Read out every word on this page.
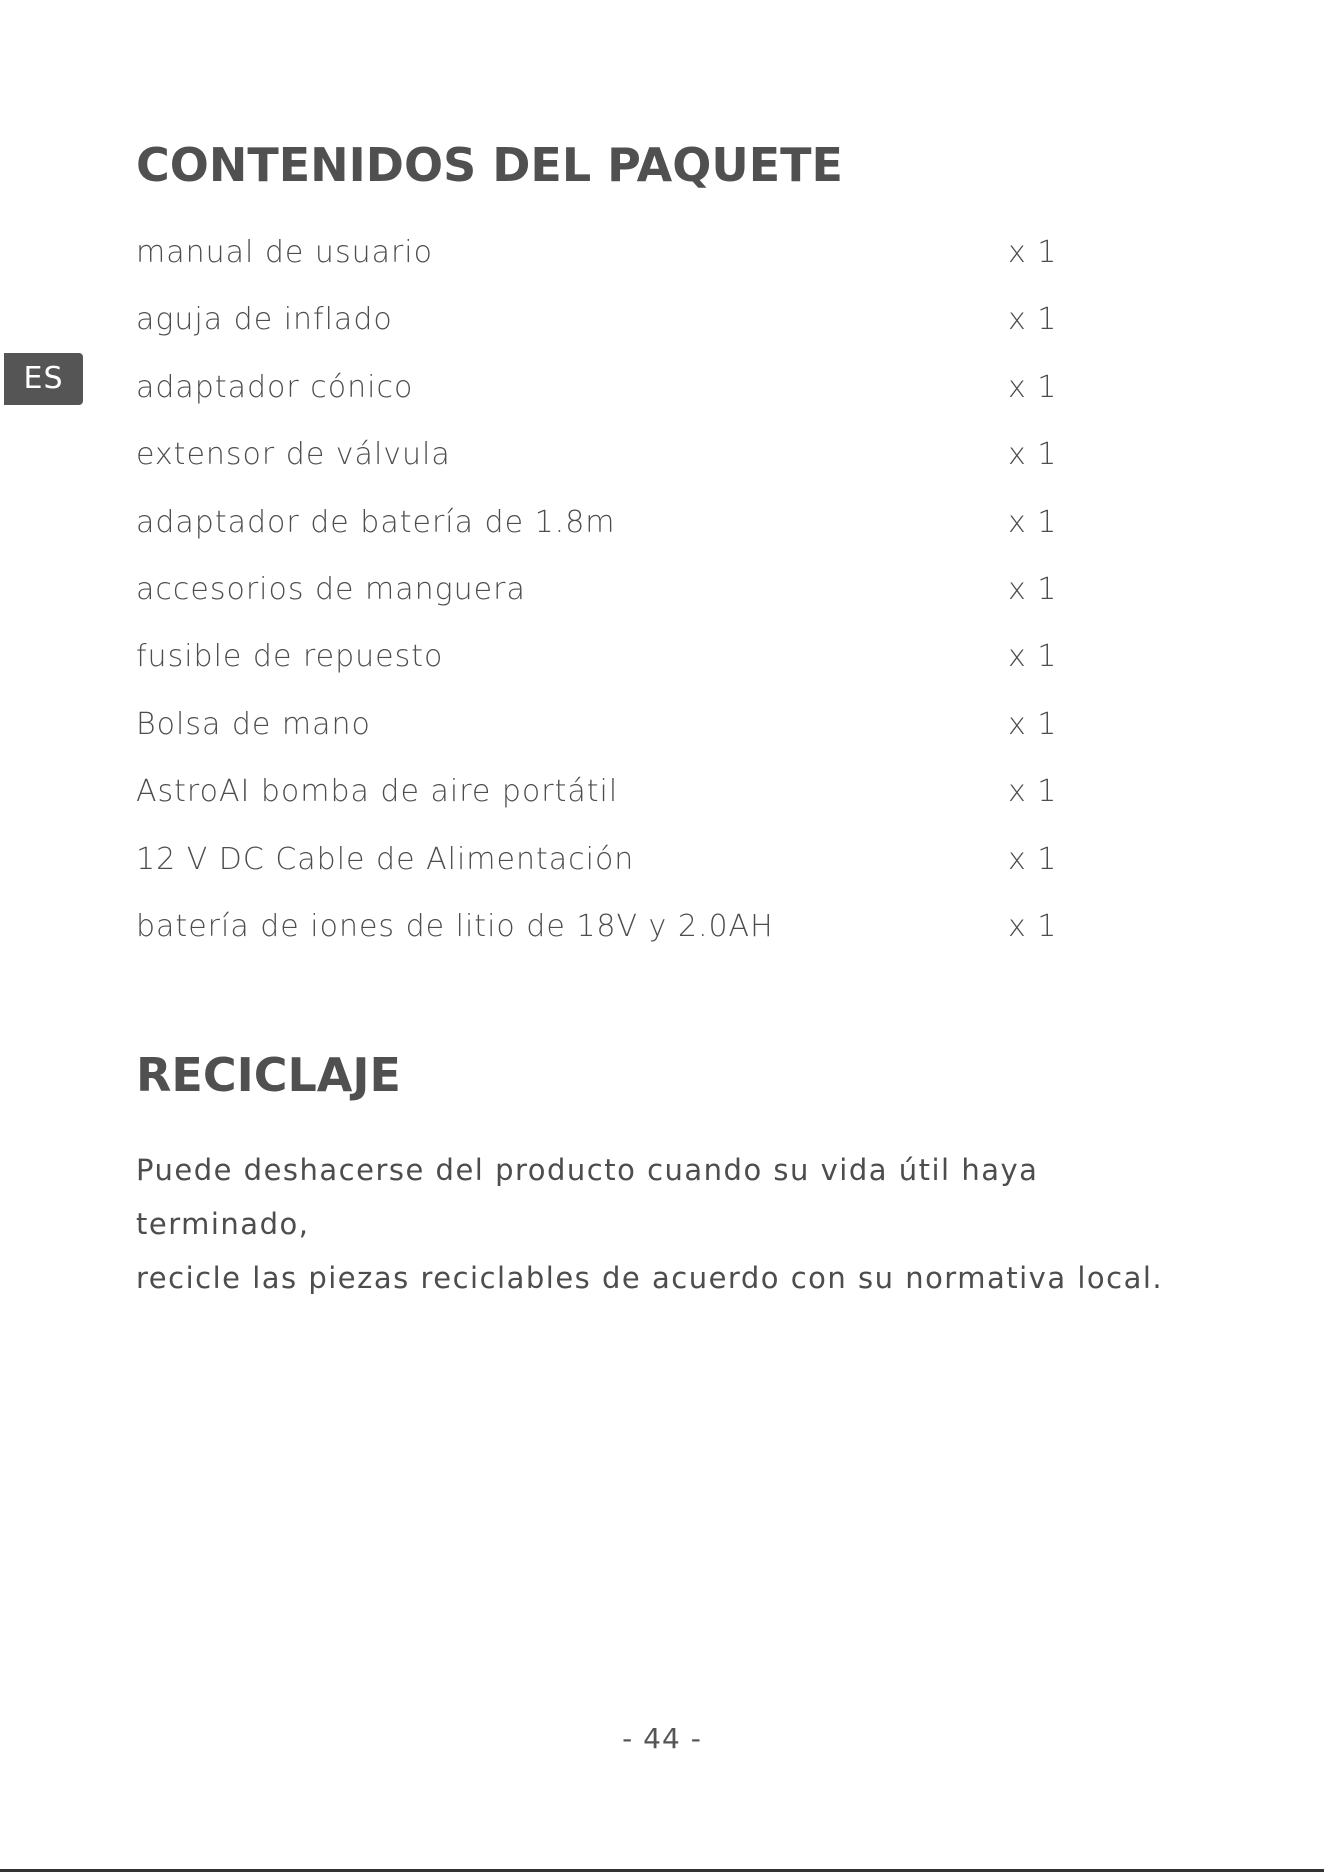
ES
CONTENIDOS DEL PAQUETE
manual de usuario	x 1
aguja de inflado	x 1
adaptador cónico	x 1
extensor de válvula	x 1
adaptador de batería de 1.8m	x 1
accesorios de manguera	x 1
fusible de repuesto	x 1
Bolsa de mano	x 1
AstroAI bomba de aire portátil	x 1
12 V DC Cable de Alimentación	x 1
batería de iones de litio de 18V y 2.0AH	x 1
RECICLAJE

Puede deshacerse del producto cuando su vida útil haya terminado,
recicle las piezas reciclables de acuerdo con su normativa local.

- 44 -
